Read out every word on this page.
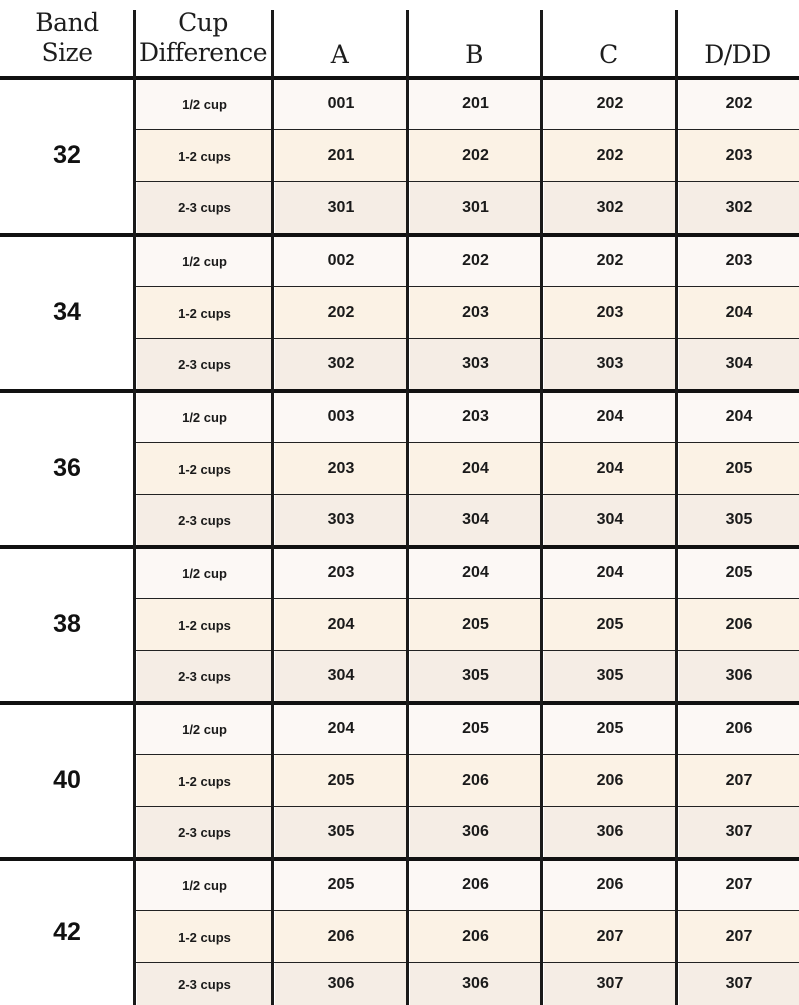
Band
Size
Cup
Difference	A	B	C	D/DD
32
1/2 cup	001	201	202	202
1-2 cups	201	202	202	203
2-3 cups	301	301	302	302
34
1/2 cup	002	202	202	203
1-2 cups	202	203	203	204
2-3 cups	302	303	303	304
36
1/2 cup	003	203	204	204
1-2 cups	203	204	204	205
2-3 cups	303	304	304	305
38
1/2 cup	203	204	204	205
1-2 cups	204	205	205	206
2-3 cups	304	305	305	306
40
1/2 cup	204	205	205	206
1-2 cups	205	206	206	207
2-3 cups	305	306	306	307
42
1/2 cup	205	206	206	207
1-2 cups	206	206	207	207
2-3 cups	306	306	307	307
